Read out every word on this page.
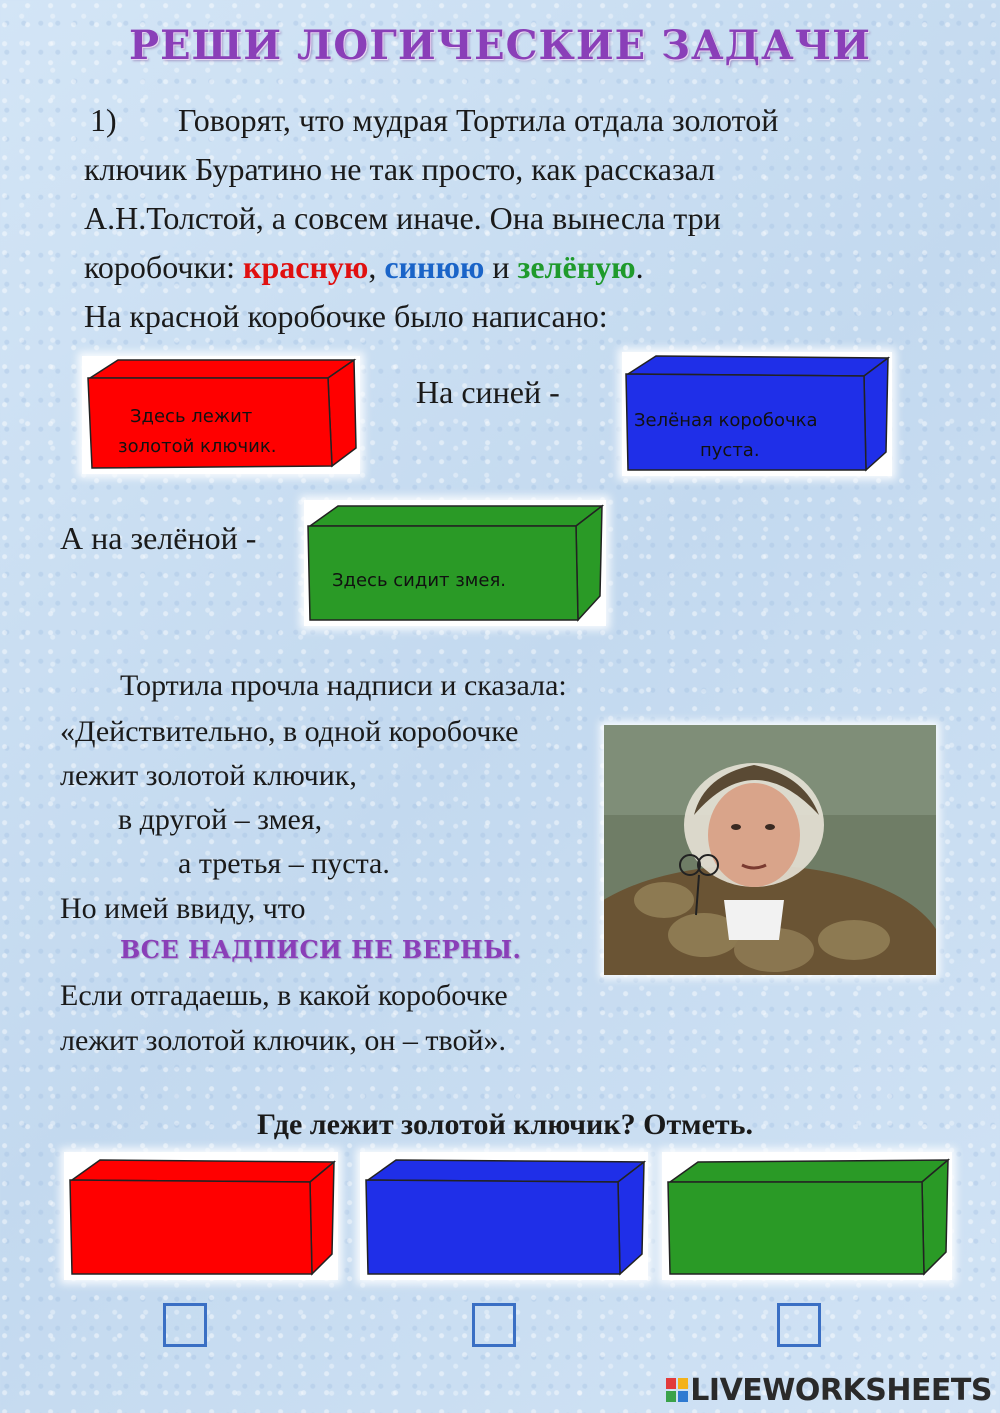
РЕШИ ЛОГИЧЕСКИЕ ЗАДАЧИ
1) Говорят, что мудрая Тортила отдала золотой
ключик Буратино не так просто, как рассказал
А.Н.Толстой, а совсем иначе. Она вынесла три
коробочки: красную, синюю и зелёную.
На красной коробочке было написано:
Здесь лежит
золотой ключик.
На синей -
Зелёная коробочка
пуста.
А на зелёной -
Здесь сидит змея.
Тортила прочла надписи и сказала:
«Действительно, в одной коробочке
лежит золотой ключик,
в другой – змея,
а третья – пуста.
Но имей ввиду, что
ВСЕ НАДПИСИ НЕ ВЕРНЫ.
Если отгадаешь, в какой коробочке
лежит золотой ключик, он – твой».
Где лежит золотой ключик? Отметь.
LIVEWORKSHEETS
